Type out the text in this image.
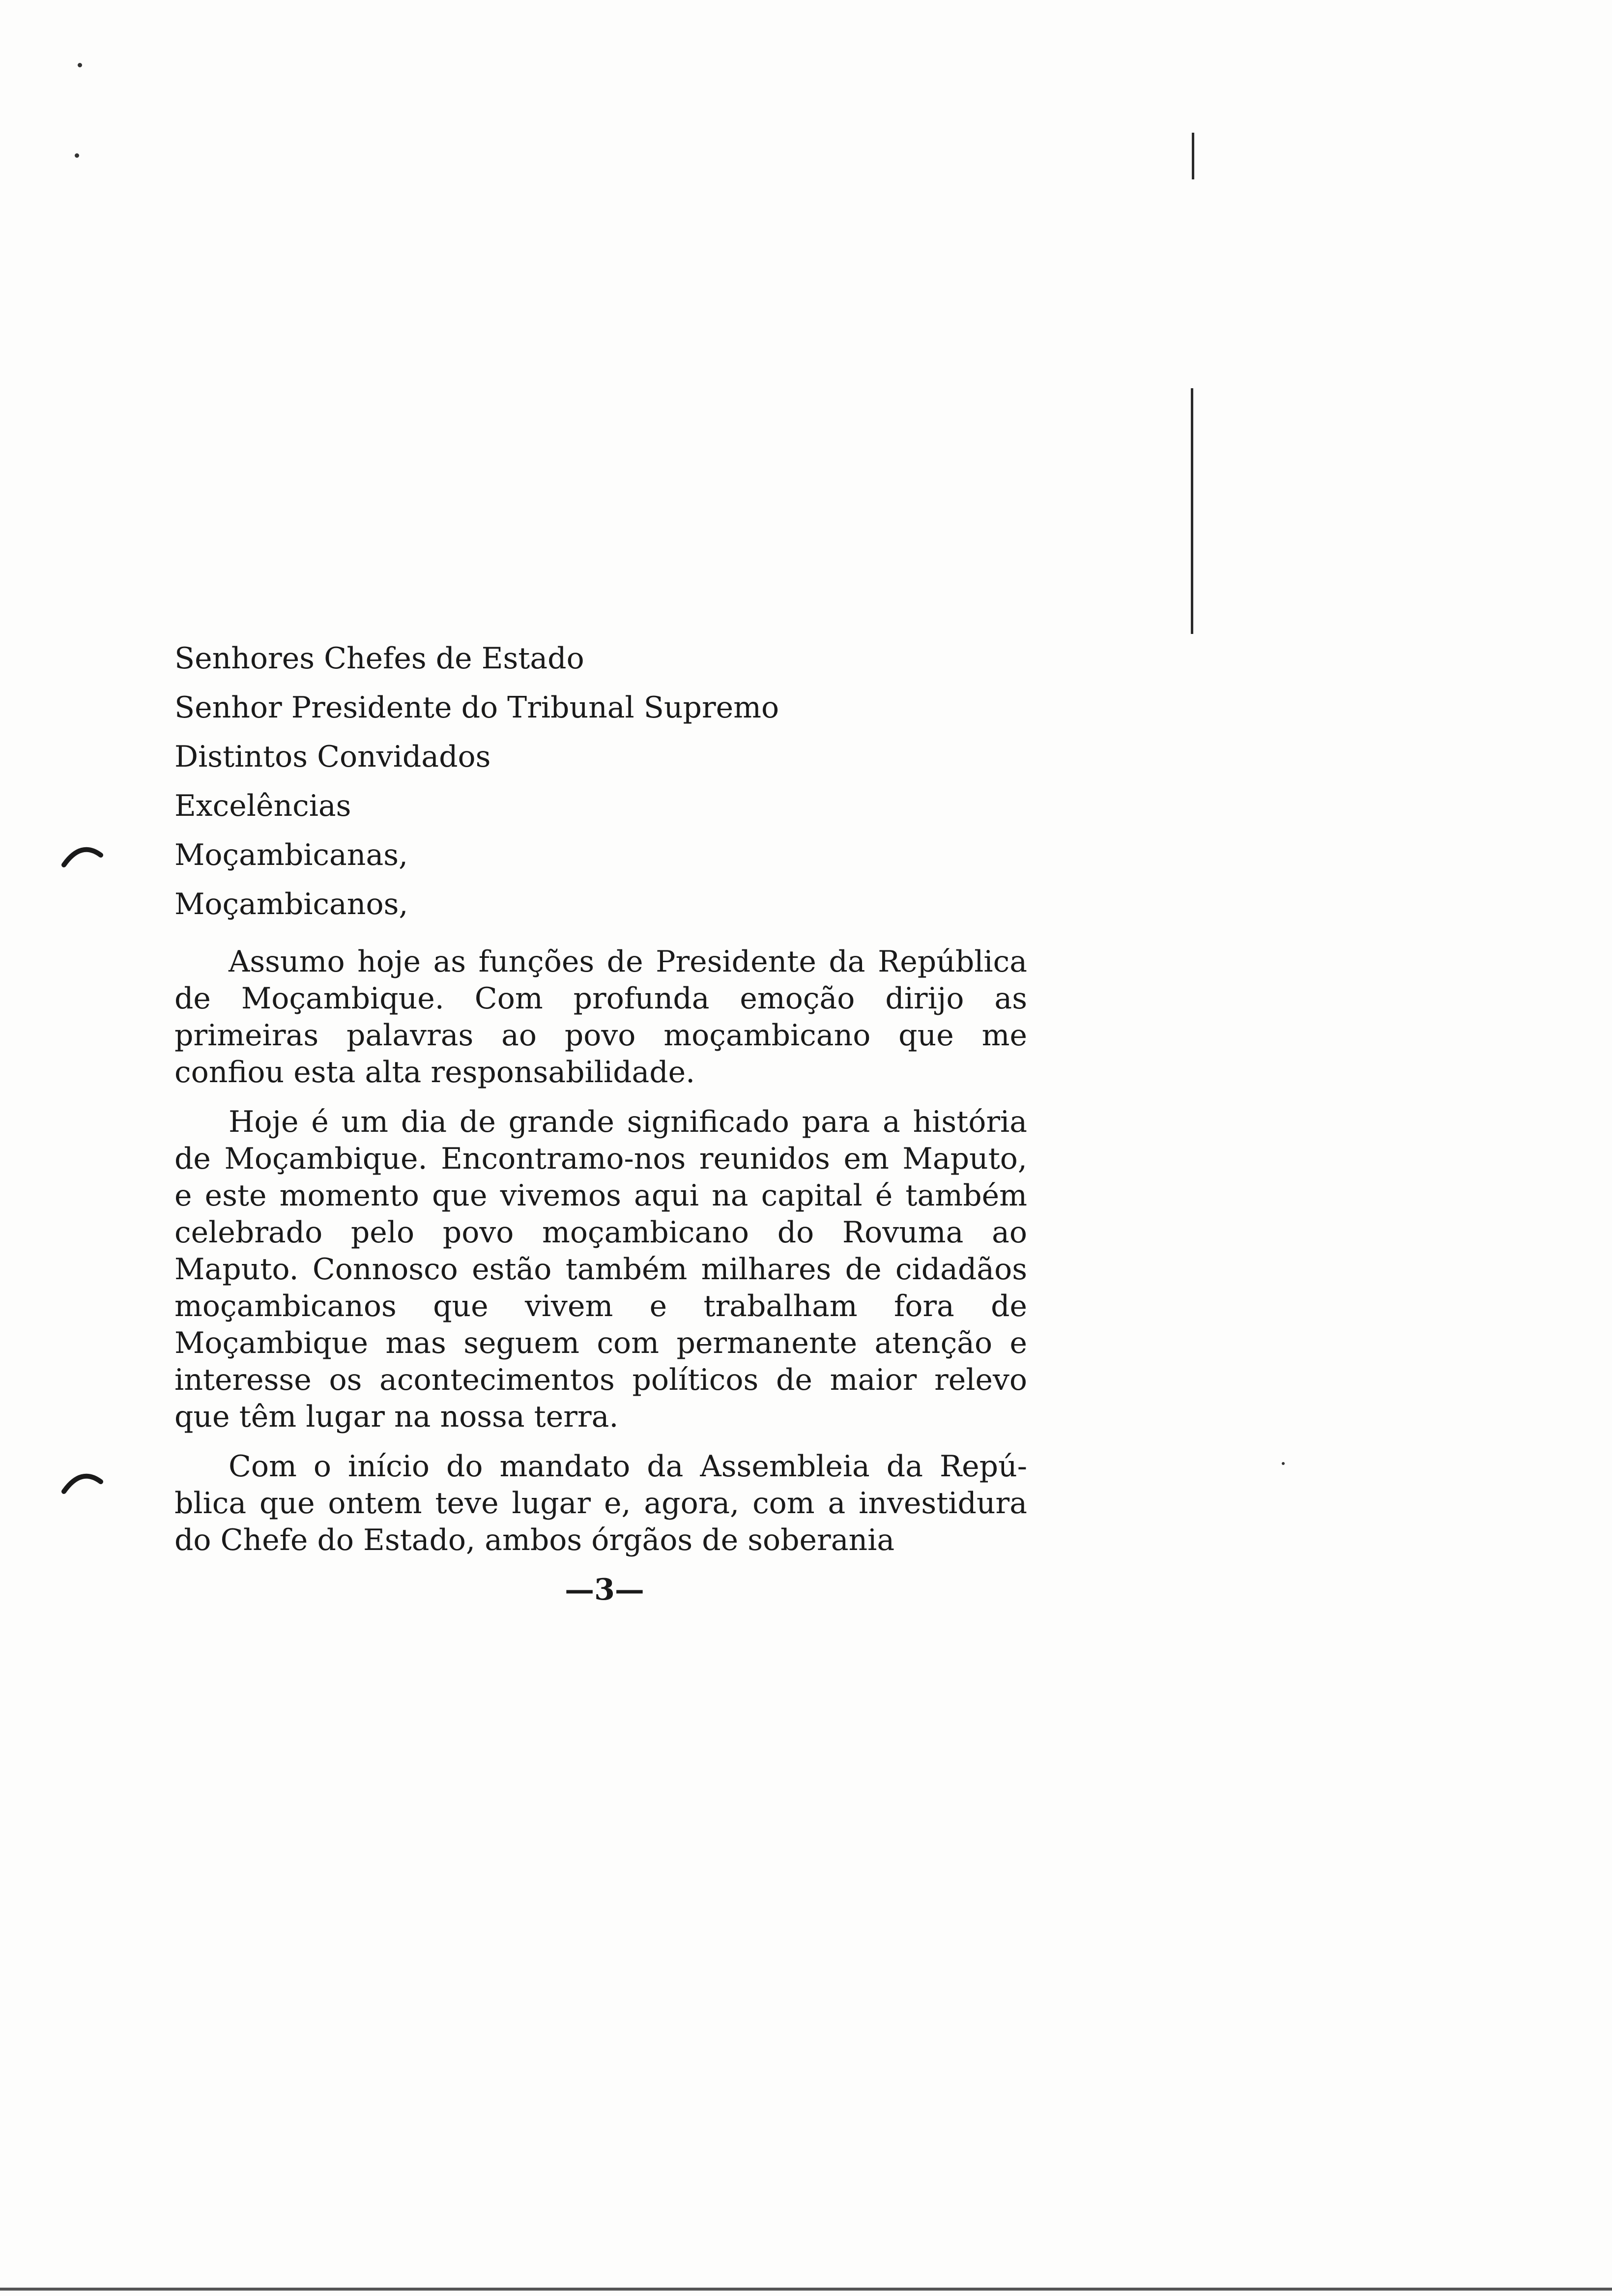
Senhores Chefes de Estado
Senhor Presidente do Tribunal Supremo
Distintos Convidados
Excelências
Moçambicanas,
Moçambicanos,

Assumo hoje as funções de Presidente da República de Moçambique. Com profunda emoção dirijo as primeiras palavras ao povo moçambicano que me confiou esta alta responsabilidade.

Hoje é um dia de grande significado para a história de Moçambique. Encontramo-nos reunidos em Maputo, e este momento que vivemos aqui na capital é também celebrado pelo povo moçambicano do Rovuma ao Maputo. Connosco estão também milhares de cidadãos moçambicanos que vivem e trabalham fora de Moçambique mas seguem com permanente atenção e interesse os acontecimentos políticos de maior relevo que têm lugar na nossa terra.

Com o início do mandato da Assembleia da República que ontem teve lugar e, agora, com a investidura do Chefe do Estado, ambos órgãos de soberania

—3—
